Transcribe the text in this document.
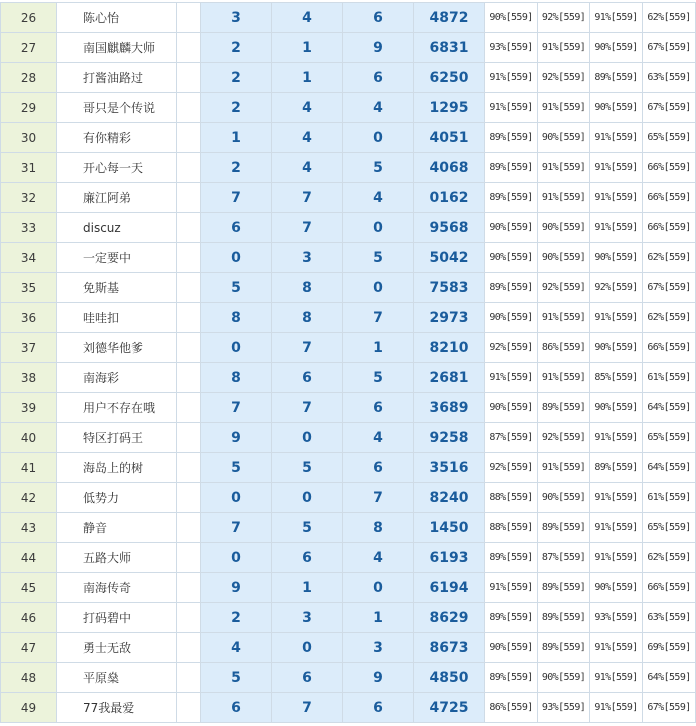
26	陈心怡		3	4	6	4872	90%[559]	92%[559]	91%[559]	62%[559]
27	南国麒麟大师		2	1	9	6831	93%[559]	91%[559]	90%[559]	67%[559]
28	打酱油路过		2	1	6	6250	91%[559]	92%[559]	89%[559]	63%[559]
29	哥只是个传说		2	4	4	1295	91%[559]	91%[559]	90%[559]	67%[559]
30	有你精彩		1	4	0	4051	89%[559]	90%[559]	91%[559]	65%[559]
31	开心每一天		2	4	5	4068	89%[559]	91%[559]	91%[559]	66%[559]
32	廉江阿弟		7	7	4	0162	89%[559]	91%[559]	91%[559]	66%[559]
33	discuz		6	7	0	9568	90%[559]	90%[559]	91%[559]	66%[559]
34	一定要中		0	3	5	5042	90%[559]	90%[559]	90%[559]	62%[559]
35	免斯基		5	8	0	7583	89%[559]	92%[559]	92%[559]	67%[559]
36	哇哇扣		8	8	7	2973	90%[559]	91%[559]	91%[559]	62%[559]
37	刘德华他爹		0	7	1	8210	92%[559]	86%[559]	90%[559]	66%[559]
38	南海彩		8	6	5	2681	91%[559]	91%[559]	85%[559]	61%[559]
39	用户不存在哦		7	7	6	3689	90%[559]	89%[559]	90%[559]	64%[559]
40	特区打码王		9	0	4	9258	87%[559]	92%[559]	91%[559]	65%[559]
41	海岛上的树		5	5	6	3516	92%[559]	91%[559]	89%[559]	64%[559]
42	低势力		0	0	7	8240	88%[559]	90%[559]	91%[559]	61%[559]
43	静音		7	5	8	1450	88%[559]	89%[559]	91%[559]	65%[559]
44	五路大师		0	6	4	6193	89%[559]	87%[559]	91%[559]	62%[559]
45	南海传奇		9	1	0	6194	91%[559]	89%[559]	90%[559]	66%[559]
46	打码碧中		2	3	1	8629	89%[559]	89%[559]	93%[559]	63%[559]
47	勇士无敌		4	0	3	8673	90%[559]	89%[559]	91%[559]	69%[559]
48	平原燊		5	6	9	4850	89%[559]	90%[559]	91%[559]	64%[559]
49	77我最爱		6	7	6	4725	86%[559]	93%[559]	91%[559]	67%[559]
